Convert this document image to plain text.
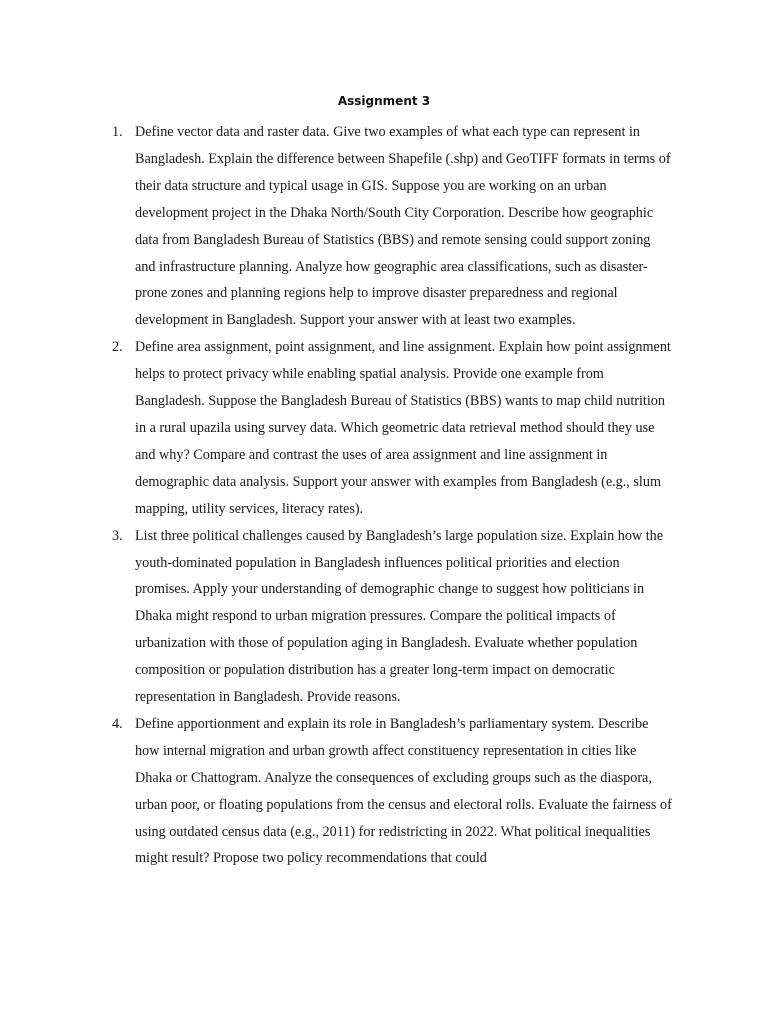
Assignment 3
1. Define vector data and raster data. Give two examples of what each type can represent in Bangladesh. Explain the difference between Shapefile (.shp) and GeoTIFF formats in terms of their data structure and typical usage in GIS. Suppose you are working on an urban development project in the Dhaka North/South City Corporation. Describe how geographic data from Bangladesh Bureau of Statistics (BBS) and remote sensing could support zoning and infrastructure planning. Analyze how geographic area classifications, such as disaster-prone zones and planning regions help to improve disaster preparedness and regional development in Bangladesh. Support your answer with at least two examples.
2. Define area assignment, point assignment, and line assignment. Explain how point assignment helps to protect privacy while enabling spatial analysis. Provide one example from Bangladesh. Suppose the Bangladesh Bureau of Statistics (BBS) wants to map child nutrition in a rural upazila using survey data. Which geometric data retrieval method should they use and why? Compare and contrast the uses of area assignment and line assignment in demographic data analysis. Support your answer with examples from Bangladesh (e.g., slum mapping, utility services, literacy rates).
3. List three political challenges caused by Bangladesh’s large population size. Explain how the youth-dominated population in Bangladesh influences political priorities and election promises. Apply your understanding of demographic change to suggest how politicians in Dhaka might respond to urban migration pressures. Compare the political impacts of urbanization with those of population aging in Bangladesh. Evaluate whether population composition or population distribution has a greater long-term impact on democratic representation in Bangladesh. Provide reasons.
4. Define apportionment and explain its role in Bangladesh’s parliamentary system. Describe how internal migration and urban growth affect constituency representation in cities like Dhaka or Chattogram. Analyze the consequences of excluding groups such as the diaspora, urban poor, or floating populations from the census and electoral rolls. Evaluate the fairness of using outdated census data (e.g., 2011) for redistricting in 2022. What political inequalities might result? Propose two policy recommendations that could
